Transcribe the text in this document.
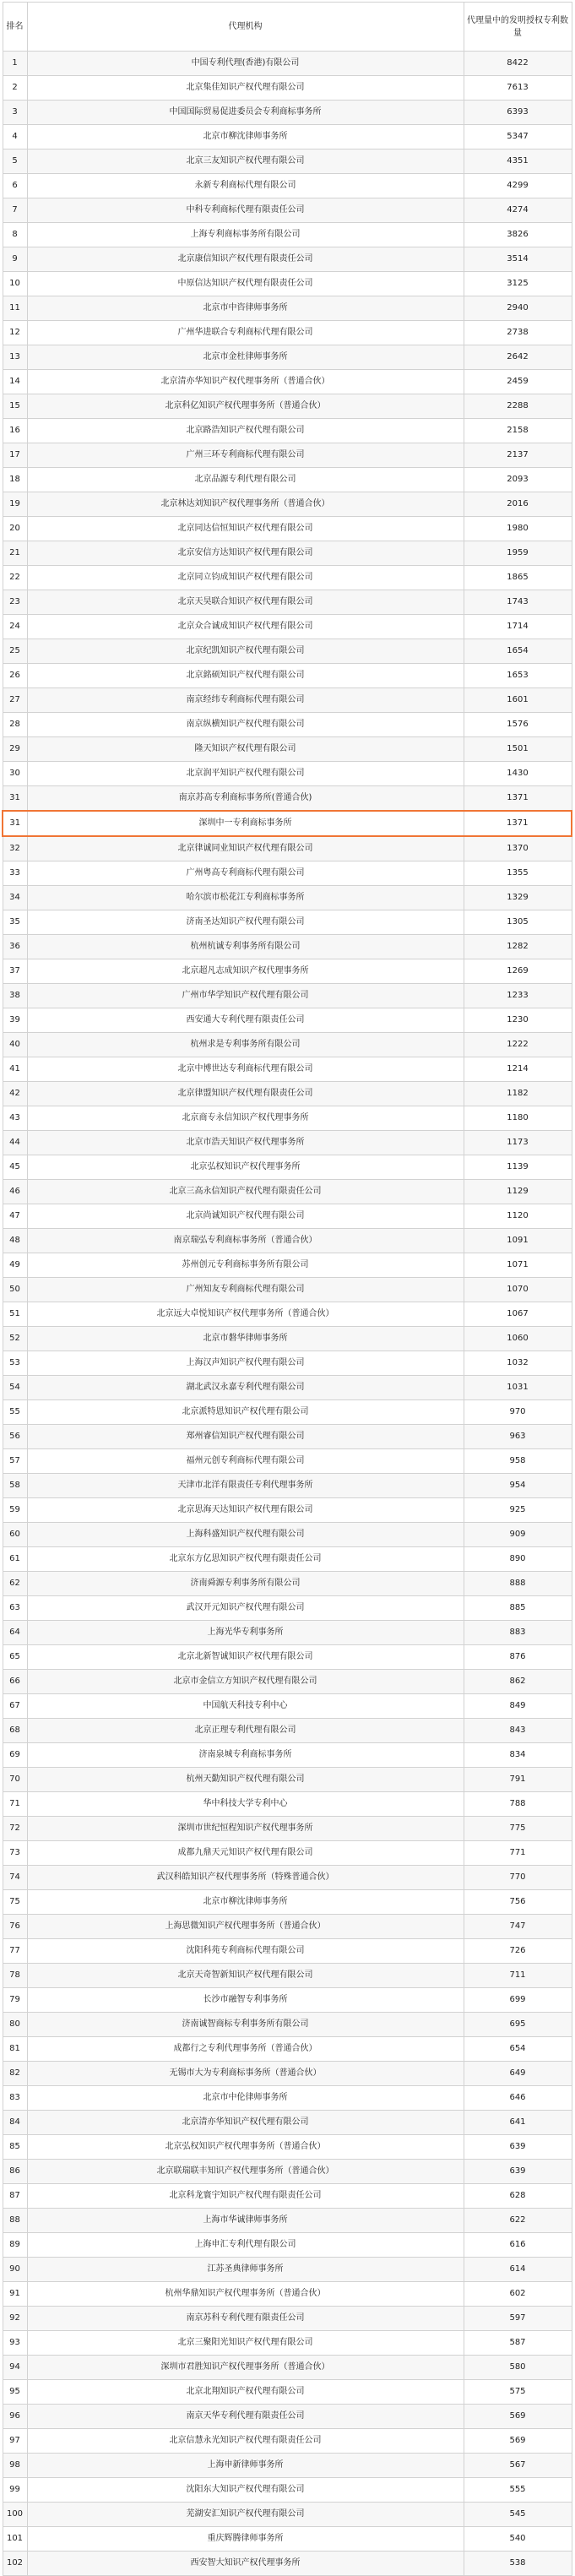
排名	代理机构	代理量中的发明授权专利数量
1	中国专利代理(香港)有限公司	8422
2	北京集佳知识产权代理有限公司	7613
3	中国国际贸易促进委员会专利商标事务所	6393
4	北京市柳沈律师事务所	5347
5	北京三友知识产权代理有限公司	4351
6	永新专利商标代理有限公司	4299
7	中科专利商标代理有限责任公司	4274
8	上海专利商标事务所有限公司	3826
9	北京康信知识产权代理有限责任公司	3514
10	中原信达知识产权代理有限责任公司	3125
11	北京市中咨律师事务所	2940
12	广州华进联合专利商标代理有限公司	2738
13	北京市金杜律师事务所	2642
14	北京清亦华知识产权代理事务所（普通合伙）	2459
15	北京科亿知识产权代理事务所（普通合伙）	2288
16	北京路浩知识产权代理有限公司	2158
17	广州三环专利商标代理有限公司	2137
18	北京品源专利代理有限公司	2093
19	北京林达刘知识产权代理事务所（普通合伙）	2016
20	北京同达信恒知识产权代理有限公司	1980
21	北京安信方达知识产权代理有限公司	1959
22	北京同立钧成知识产权代理有限公司	1865
23	北京天昊联合知识产权代理有限公司	1743
24	北京众合诚成知识产权代理有限公司	1714
25	北京纪凯知识产权代理有限公司	1654
26	北京銘硕知识产权代理有限公司	1653
27	南京经纬专利商标代理有限公司	1601
28	南京纵横知识产权代理有限公司	1576
29	隆天知识产权代理有限公司	1501
30	北京润平知识产权代理有限公司	1430
31	南京苏高专利商标事务所(普通合伙)	1371
31	深圳中一专利商标事务所	1371
32	北京律诚同业知识产权代理有限公司	1370
33	广州粤高专利商标代理有限公司	1355
34	哈尔滨市松花江专利商标事务所	1329
35	济南圣达知识产权代理有限公司	1305
36	杭州杭诚专利事务所有限公司	1282
37	北京超凡志成知识产权代理事务所	1269
38	广州市华学知识产权代理有限公司	1233
39	西安通大专利代理有限责任公司	1230
40	杭州求是专利事务所有限公司	1222
41	北京中博世达专利商标代理有限公司	1214
42	北京律盟知识产权代理有限责任公司	1182
43	北京商专永信知识产权代理事务所	1180
44	北京市浩天知识产权代理事务所	1173
45	北京弘权知识产权代理事务所	1139
46	北京三高永信知识产权代理有限责任公司	1129
47	北京尚诚知识产权代理有限公司	1120
48	南京瑞弘专利商标事务所（普通合伙）	1091
49	苏州创元专利商标事务所有限公司	1071
50	广州知友专利商标代理有限公司	1070
51	北京远大卓悦知识产权代理事务所（普通合伙）	1067
52	北京市磐华律师事务所	1060
53	上海汉声知识产权代理有限公司	1032
54	湖北武汉永嘉专利代理有限公司	1031
55	北京派特恩知识产权代理有限公司	970
56	郑州睿信知识产权代理有限公司	963
57	福州元创专利商标代理有限公司	958
58	天津市北洋有限责任专利代理事务所	954
59	北京思海天达知识产权代理有限公司	925
60	上海科盛知识产权代理有限公司	909
61	北京东方亿思知识产权代理有限责任公司	890
62	济南舜源专利事务所有限公司	888
63	武汉开元知识产权代理有限公司	885
64	上海光华专利事务所	883
65	北京北新智诚知识产权代理有限公司	876
66	北京市金信立方知识产权代理有限公司	862
67	中国航天科技专利中心	849
68	北京正理专利代理有限公司	843
69	济南泉城专利商标事务所	834
70	杭州天勤知识产权代理有限公司	791
71	华中科技大学专利中心	788
72	深圳市世纪恒程知识产权代理事务所	775
73	成都九鼎天元知识产权代理有限公司	771
74	武汉科皓知识产权代理事务所（特殊普通合伙）	770
75	北京市柳沈律师事务所	756
76	上海思微知识产权代理事务所（普通合伙）	747
77	沈阳科苑专利商标代理有限公司	726
78	北京天奇智新知识产权代理有限公司	711
79	长沙市融智专利事务所	699
80	济南诚智商标专利事务所有限公司	695
81	成都行之专利代理事务所（普通合伙）	654
82	无锡市大为专利商标事务所（普通合伙）	649
83	北京市中伦律师事务所	646
84	北京清亦华知识产权代理有限公司	641
85	北京弘权知识产权代理事务所（普通合伙）	639
86	北京联瑞联丰知识产权代理事务所（普通合伙）	639
87	北京科龙寰宇知识产权代理有限责任公司	628
88	上海市华诚律师事务所	622
89	上海申汇专利代理有限公司	616
90	江苏圣典律师事务所	614
91	杭州华鼎知识产权代理事务所（普通合伙）	602
92	南京苏科专利代理有限责任公司	597
93	北京三聚阳光知识产权代理有限公司	587
94	深圳市君胜知识产权代理事务所（普通合伙）	580
95	北京北翔知识产权代理有限公司	575
96	南京天华专利代理有限责任公司	569
97	北京信慧永光知识产权代理有限责任公司	569
98	上海申新律师事务所	567
99	沈阳东大知识产权代理有限公司	555
100	芜湖安汇知识产权代理有限公司	545
101	重庆辉腾律师事务所	540
102	西安智大知识产权代理事务所	538
